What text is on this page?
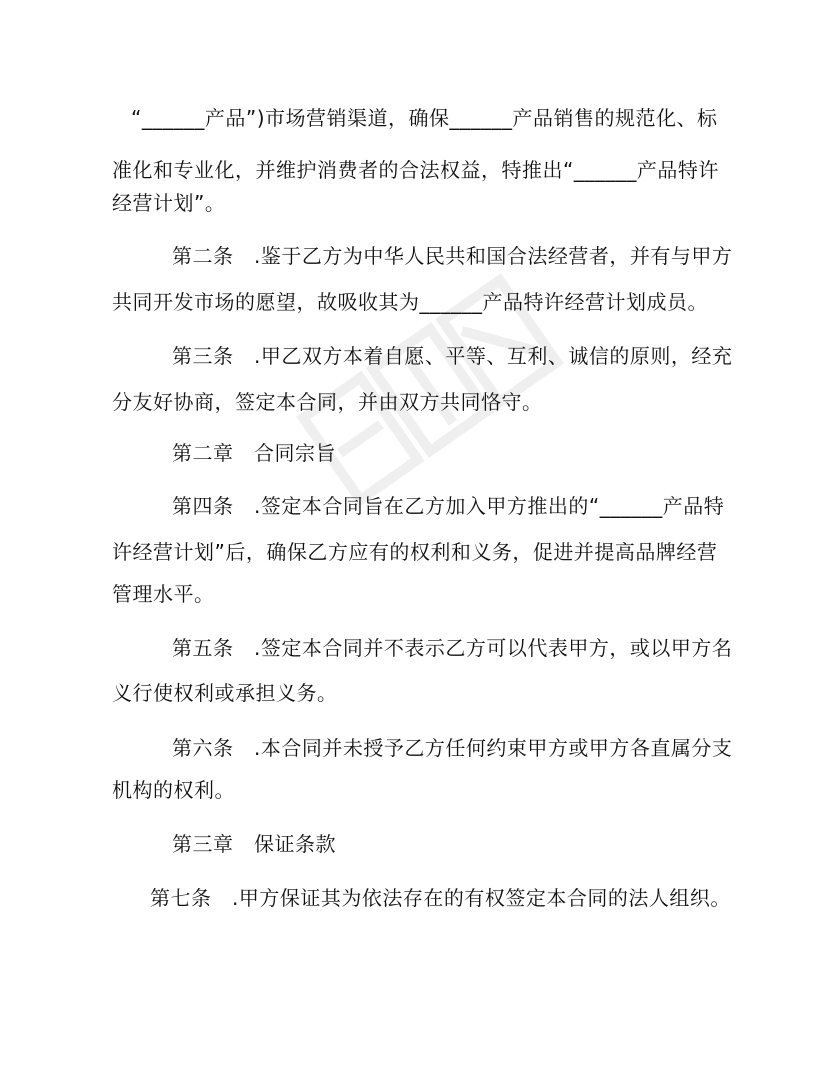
“______产品”)市场营销渠道，确保______产品销售的规范化、标
准化和专业化，并维护消费者的合法权益，特推出“______产品特许
经营计划”。
第二条　.鉴于乙方为中华人民共和国合法经营者，并有与甲方
共同开发市场的愿望，故吸收其为______产品特许经营计划成员。
第三条　.甲乙双方本着自愿、平等、互利、诚信的原则，经充
分友好协商，签定本合同，并由双方共同恪守。
第二章　合同宗旨
第四条　.签定本合同旨在乙方加入甲方推出的“______产品特
许经营计划”后，确保乙方应有的权利和义务，促进并提高品牌经营
管理水平。
第五条　.签定本合同并不表示乙方可以代表甲方，或以甲方名
义行使权利或承担义务。
第六条　.本合同并未授予乙方任何约束甲方或甲方各直属分支
机构的权利。
第三章　保证条款
第七条　.甲方保证其为依法存在的有权签定本合同的法人组织。
